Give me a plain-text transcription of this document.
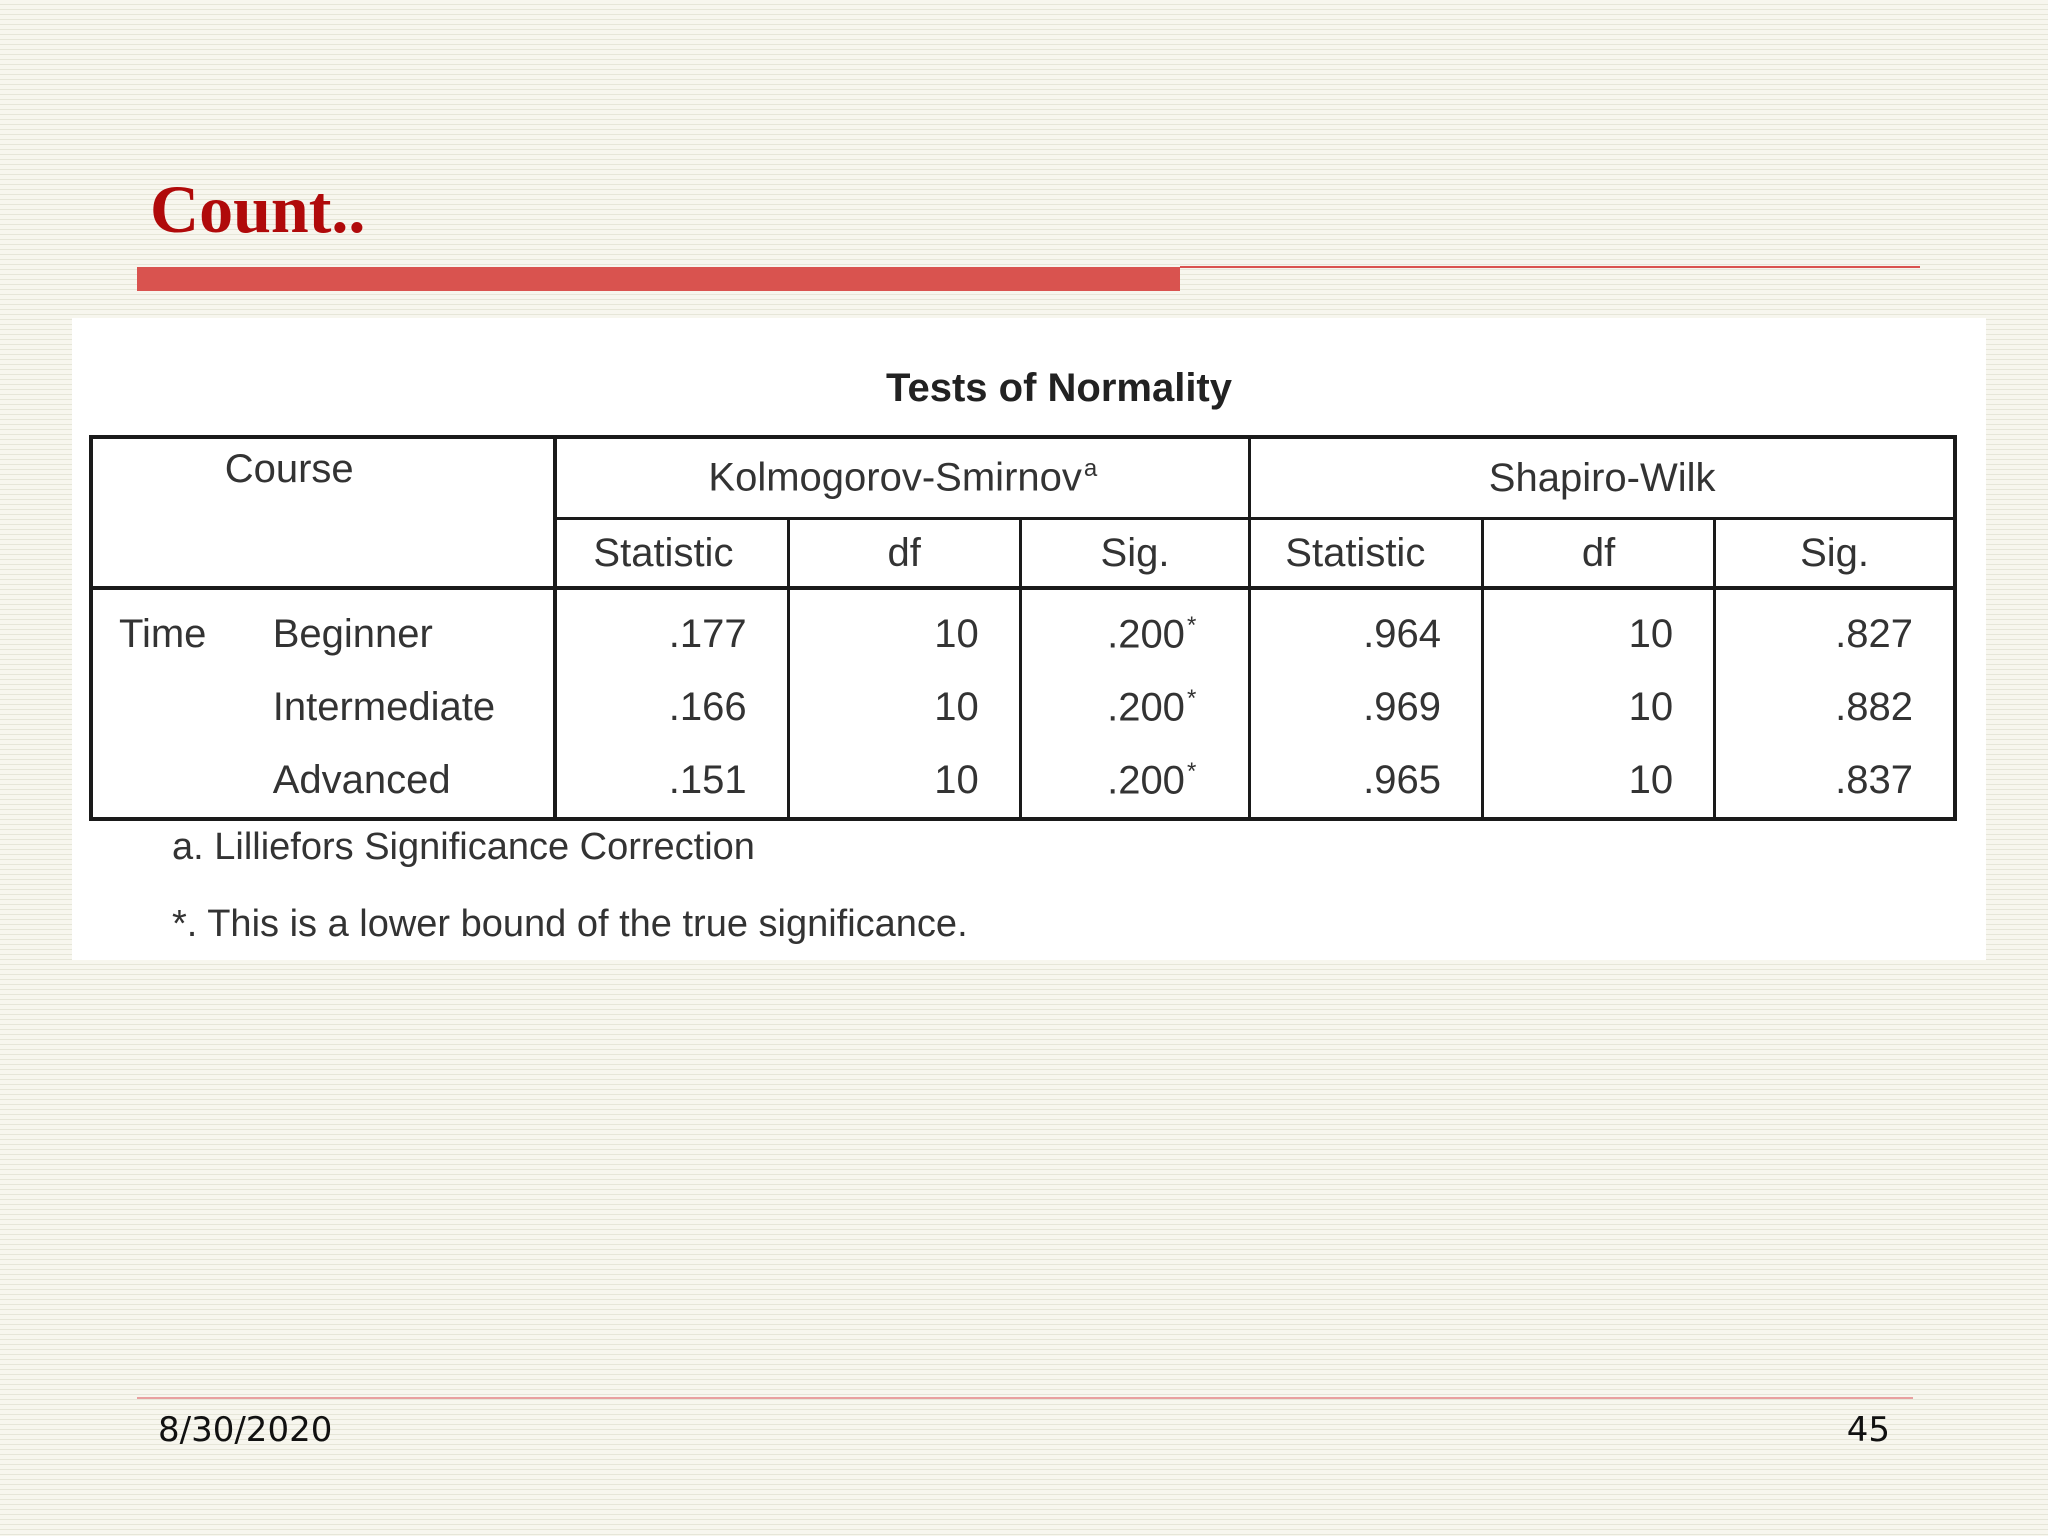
Count..
Tests of Normality
Course		Kolmogorov-Smirnov$^a$			Shapiro-Wilk		
		Statistic	df	Sig.	Statistic	df	Sig.
Time	Beginner	.177	10	.200*	.964	10	.827
	Intermediate	.166	10	.200*	.969	10	.882
	Advanced	.151	10	.200*	.965	10	.837
a. Lilliefors Significance Correction
*. This is a lower bound of the true significance.
8/30/2020	45
